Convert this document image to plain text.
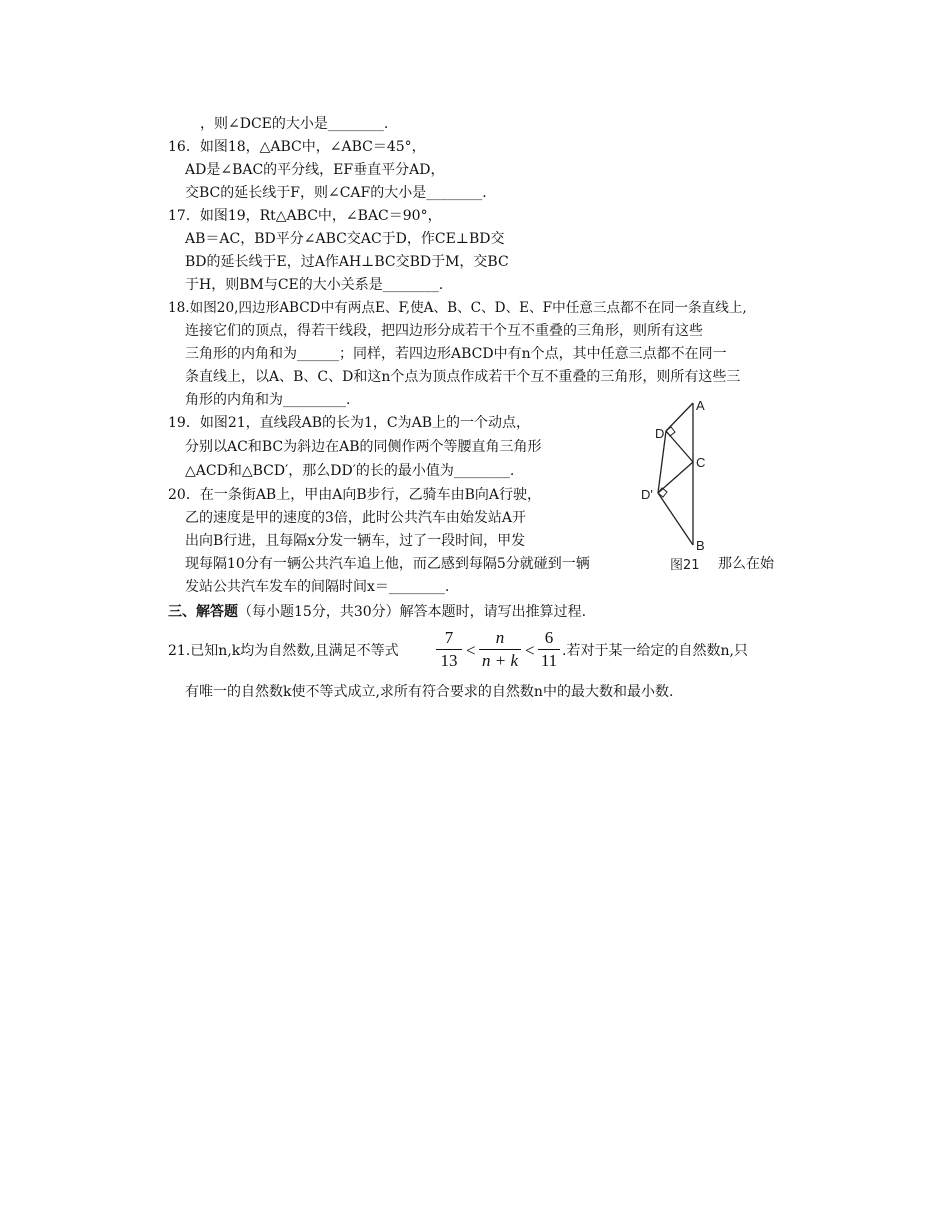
，则∠DCE的大小是________.
16．如图18，△ABC中，∠ABC＝45°，
AD是∠BAC的平分线，EF垂直平分AD，
交BC的延长线于F，则∠CAF的大小是________.
17．如图19，Rt△ABC中，∠BAC＝90°，
AB＝AC，BD平分∠ABC交AC于D，作CE⊥BD交
BD的延长线于E，过A作AH⊥BC交BD于M，交BC
于H，则BM与CE的大小关系是________.
18.如图20,四边形ABCD中有两点E、F,使A、B、C、D、E、F中任意三点都不在同一条直线上,
连接它们的顶点，得若干线段，把四边形分成若干个互不重叠的三角形，则所有这些
三角形的内角和为______；同样，若四边形ABCD中有n个点，其中任意三点都不在同一
条直线上，以A、B、C、D和这n个点为顶点作成若干个互不重叠的三角形，则所有这些三
角形的内角和为_________.
19．如图21，直线段AB的长为1，C为AB上的一个动点，
分别以AC和BC为斜边在AB的同侧作两个等腰直角三角形
△ACD和△BCD′，那么DD′的长的最小值为________.
20．在一条街AB上，甲由A向B步行，乙骑车由B向A行驶，
乙的速度是甲的速度的3倍，此时公共汽车由始发站A开
出向B行进，且每隔x分发一辆车，过了一段时间，甲发
现每隔10分有一辆公共汽车追上他，而乙感到每隔5分就碰到一辆	那么在始
发站公共汽车发车的间隔时间x＝________.
三、解答题（每小题15分，共30分）解答本题时，请写出推算过程.
21.已知n,k均为自然数,且满足不等式
7
13
<
n
n + k
<
6
11 .若对于某一给定的自然数n,只
有唯一的自然数k使不等式成立,求所有符合要求的自然数n中的最大数和最小数.
A
C
B
D
D'
图21
